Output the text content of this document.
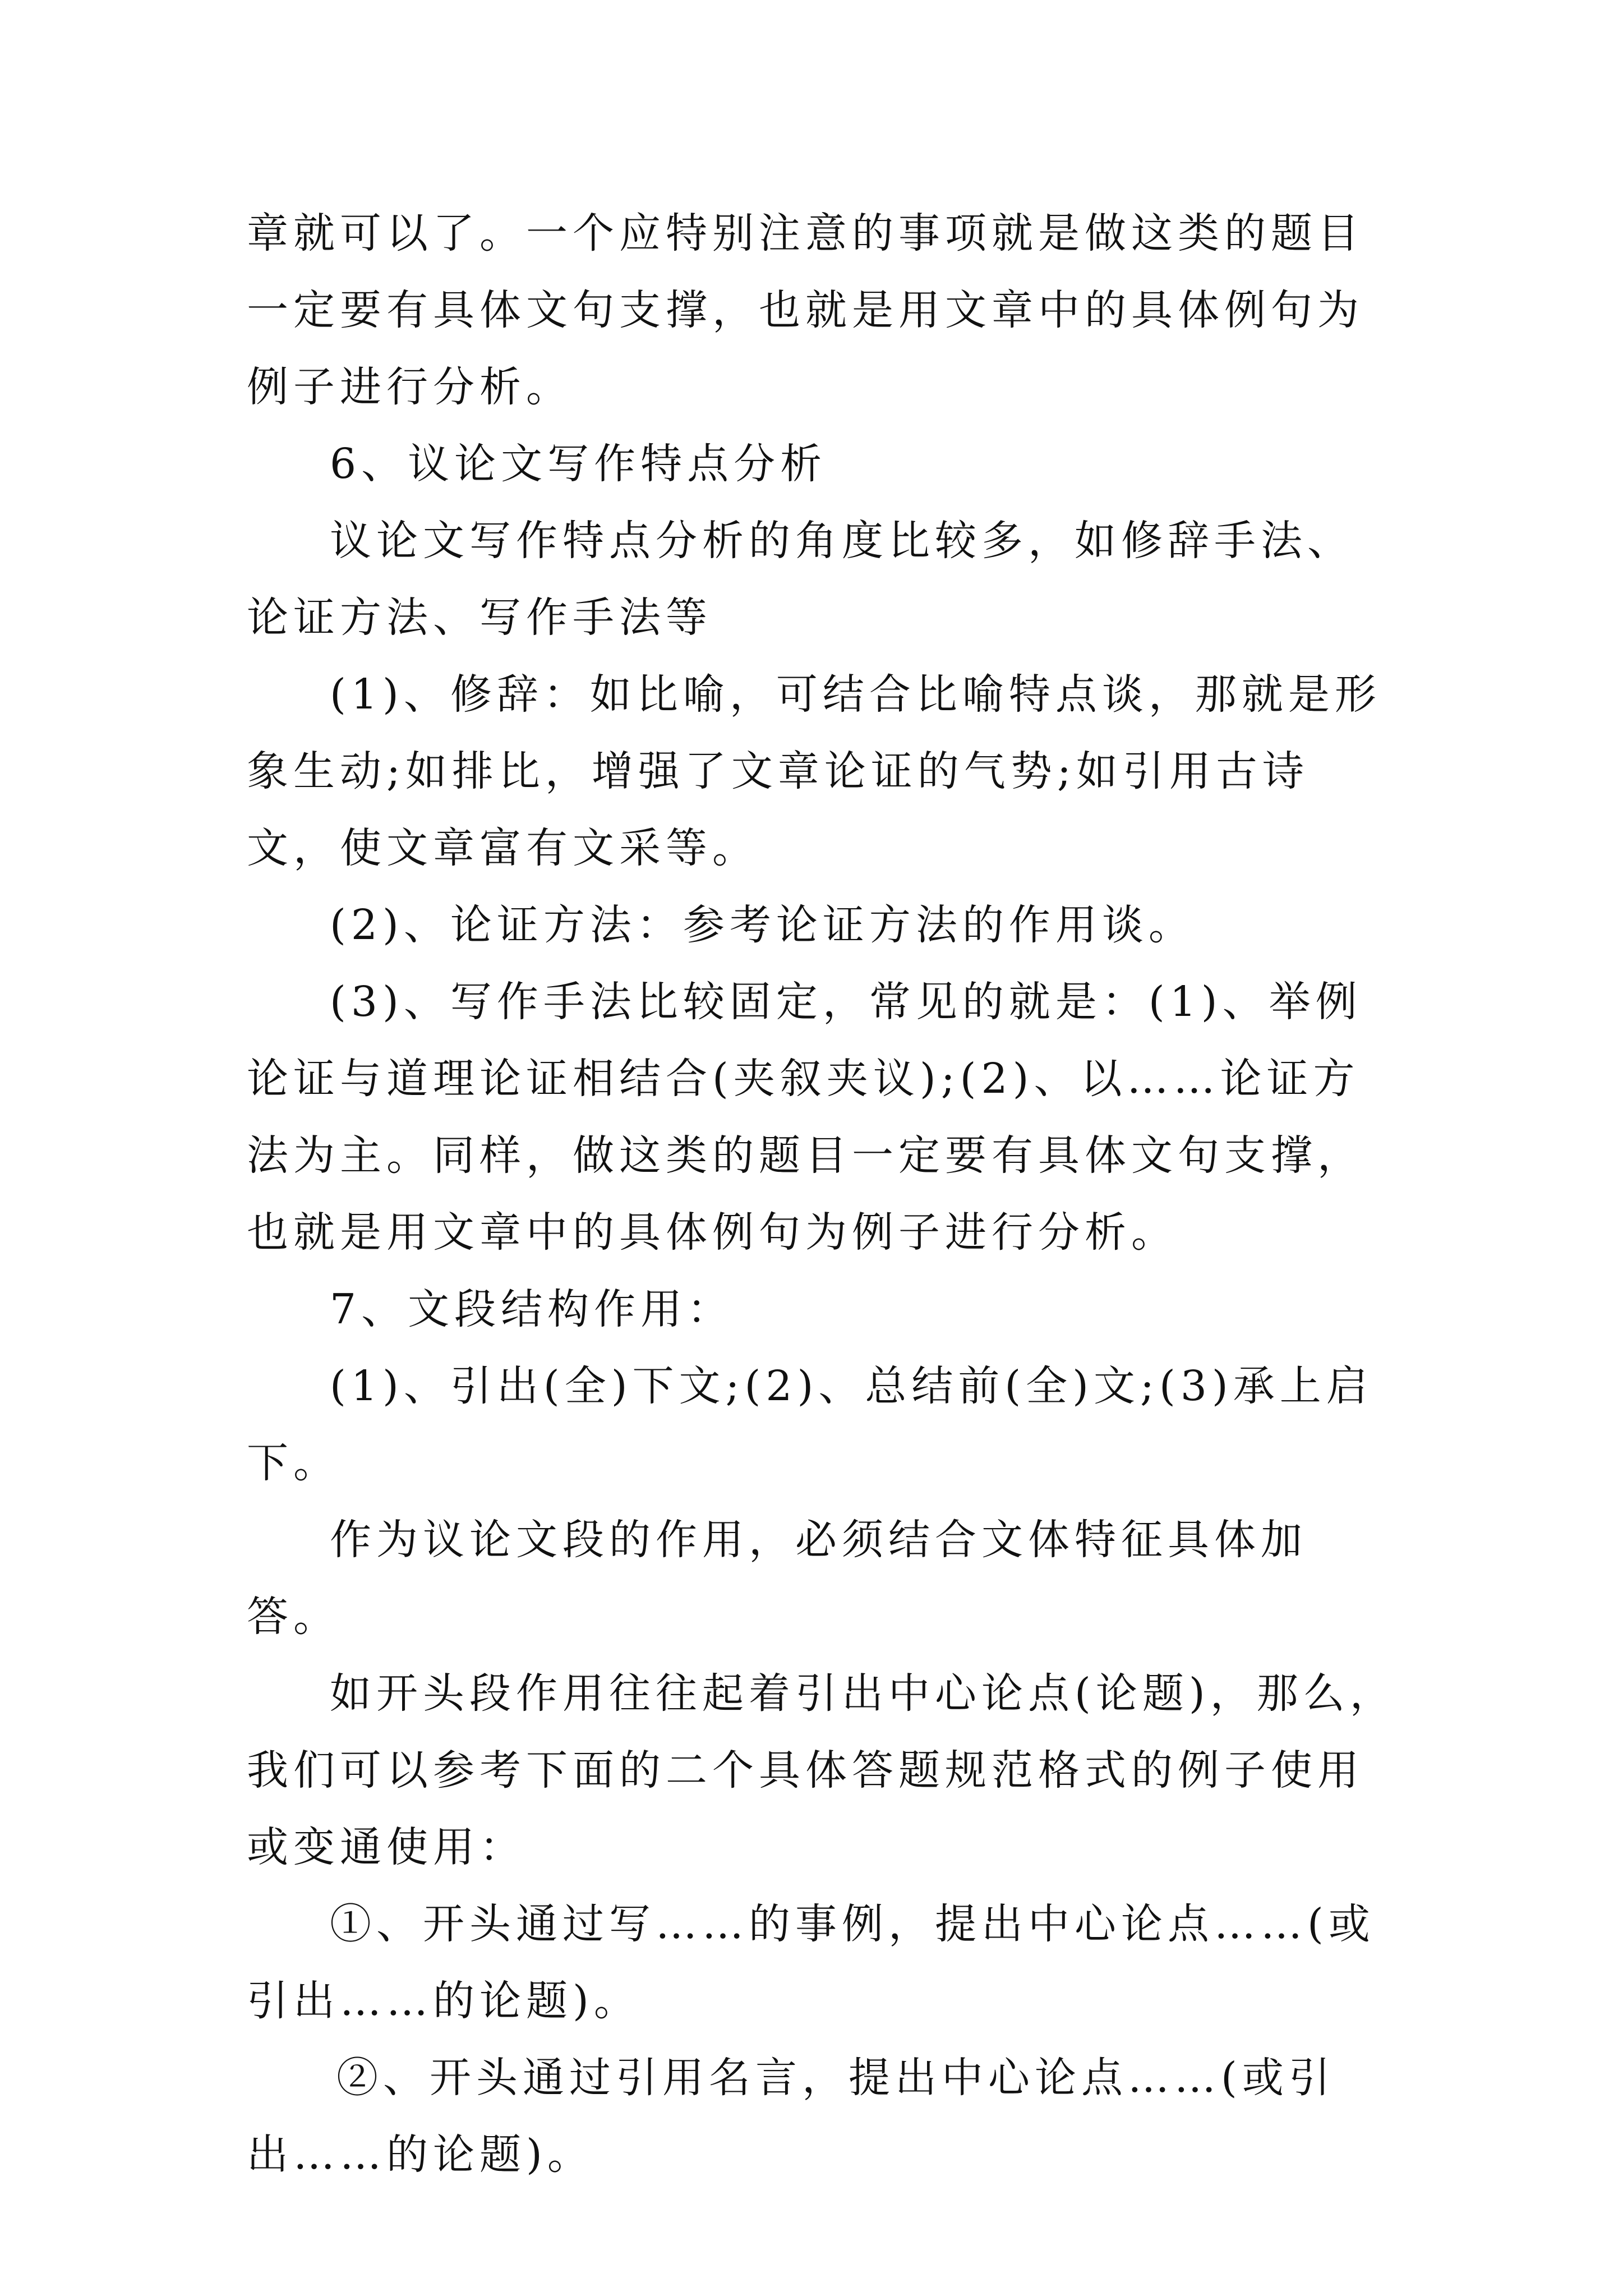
章就可以了。一个应特别注意的事项就是做这类的题目一定要有具体文句支撑，也就是用文章中的具体例句为例子进行分析。

6、议论文写作特点分析

议论文写作特点分析的角度比较多，如修辞手法、论证方法、写作手法等

(1)、修辞：如比喻，可结合比喻特点谈，那就是形象生动;如排比，增强了文章论证的气势;如引用古诗文，使文章富有文采等。

(2)、论证方法：参考论证方法的作用谈。

(3)、写作手法比较固定，常见的就是：(1)、举例论证与道理论证相结合(夹叙夹议);(2)、以……论证方法为主。同样，做这类的题目一定要有具体文句支撑，也就是用文章中的具体例句为例子进行分析。

7、文段结构作用：

(1)、引出(全)下文;(2)、总结前(全)文;(3)承上启下。

作为议论文段的作用，必须结合文体特征具体加答。

如开头段作用往往起着引出中心论点(论题)，那么，我们可以参考下面的二个具体答题规范格式的例子使用或变通使用：

①、开头通过写……的事例，提出中心论点……(或引出……的论题)。

②、开头通过引用名言，提出中心论点……(或引出……的论题)。
